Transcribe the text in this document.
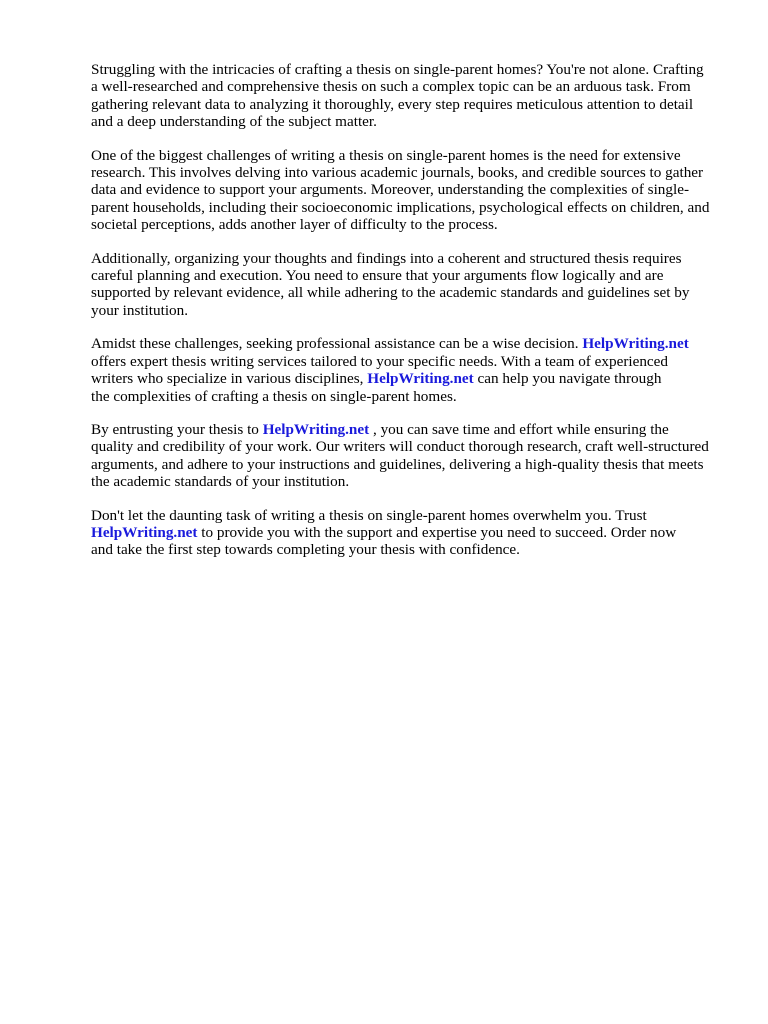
Struggling with the intricacies of crafting a thesis on single-parent homes? You're not alone. Crafting
a well-researched and comprehensive thesis on such a complex topic can be an arduous task. From
gathering relevant data to analyzing it thoroughly, every step requires meticulous attention to detail
and a deep understanding of the subject matter.

One of the biggest challenges of writing a thesis on single-parent homes is the need for extensive
research. This involves delving into various academic journals, books, and credible sources to gather
data and evidence to support your arguments. Moreover, understanding the complexities of single-
parent households, including their socioeconomic implications, psychological effects on children, and
societal perceptions, adds another layer of difficulty to the process.

Additionally, organizing your thoughts and findings into a coherent and structured thesis requires
careful planning and execution. You need to ensure that your arguments flow logically and are
supported by relevant evidence, all while adhering to the academic standards and guidelines set by
your institution.

Amidst these challenges, seeking professional assistance can be a wise decision. HelpWriting.net
offers expert thesis writing services tailored to your specific needs. With a team of experienced
writers who specialize in various disciplines, HelpWriting.net can help you navigate through
the complexities of crafting a thesis on single-parent homes.

By entrusting your thesis to HelpWriting.net , you can save time and effort while ensuring the
quality and credibility of your work. Our writers will conduct thorough research, craft well-structured
arguments, and adhere to your instructions and guidelines, delivering a high-quality thesis that meets
the academic standards of your institution.

Don't let the daunting task of writing a thesis on single-parent homes overwhelm you. Trust
HelpWriting.net to provide you with the support and expertise you need to succeed. Order now
and take the first step towards completing your thesis with confidence.
